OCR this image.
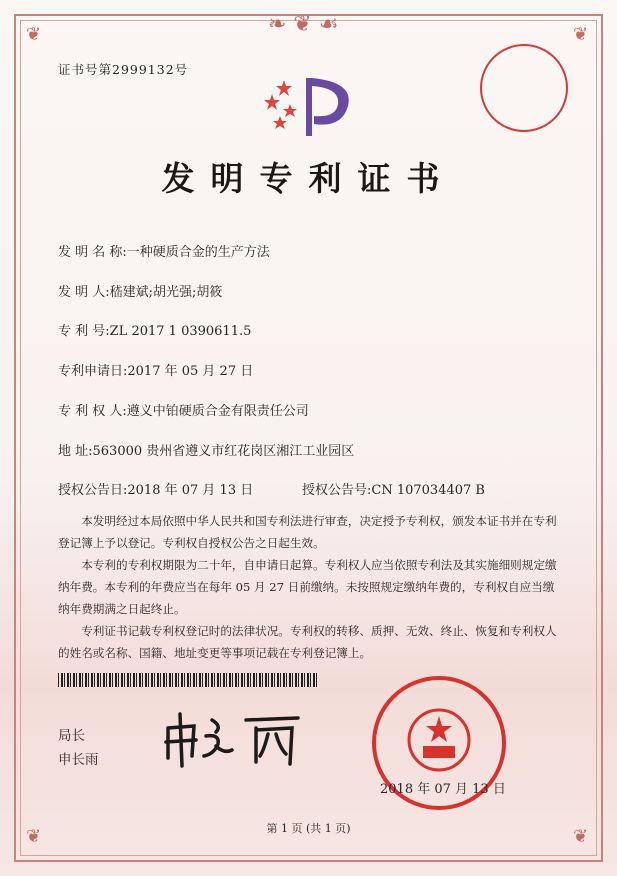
❦	❦
❦	❦
❧ ❦ ☙
证书号第2999132号
发明专利证书
发 明 名 称:一种硬质合金的生产方法
发 明 人:嵇建斌;胡光强;胡筱
专 利 号:ZL 2017 1 0390611.5
专利申请日:2017 年 05 月 27 日
专 利 权 人:遵义中铂硬质合金有限责任公司
地 址:563000 贵州省遵义市红花岗区湘江工业园区
授权公告日:2018 年 07 月 13 日	授权公告号:CN 107034407 B

本发明经过本局依照中华人民共和国专利法进行审查，决定授予专利权，颁发本证书并在专利登记簿上予以登记。专利权自授权公告之日起生效。

本专利的专利权期限为二十年，自申请日起算。专利权人应当依照专利法及其实施细则规定缴纳年费。本专利的年费应当在每年 05 月 27 日前缴纳。未按照规定缴纳年费的，专利权自应当缴纳年费期满之日起终止。

专利证书记载专利权登记时的法律状况。专利权的转移、质押、无效、终止、恢复和专利权人的姓名或名称、国籍、地址变更等事项记载在专利登记簿上。

局长
申长雨
2018 年 07 月 13 日
第 1 页 (共 1 页)
